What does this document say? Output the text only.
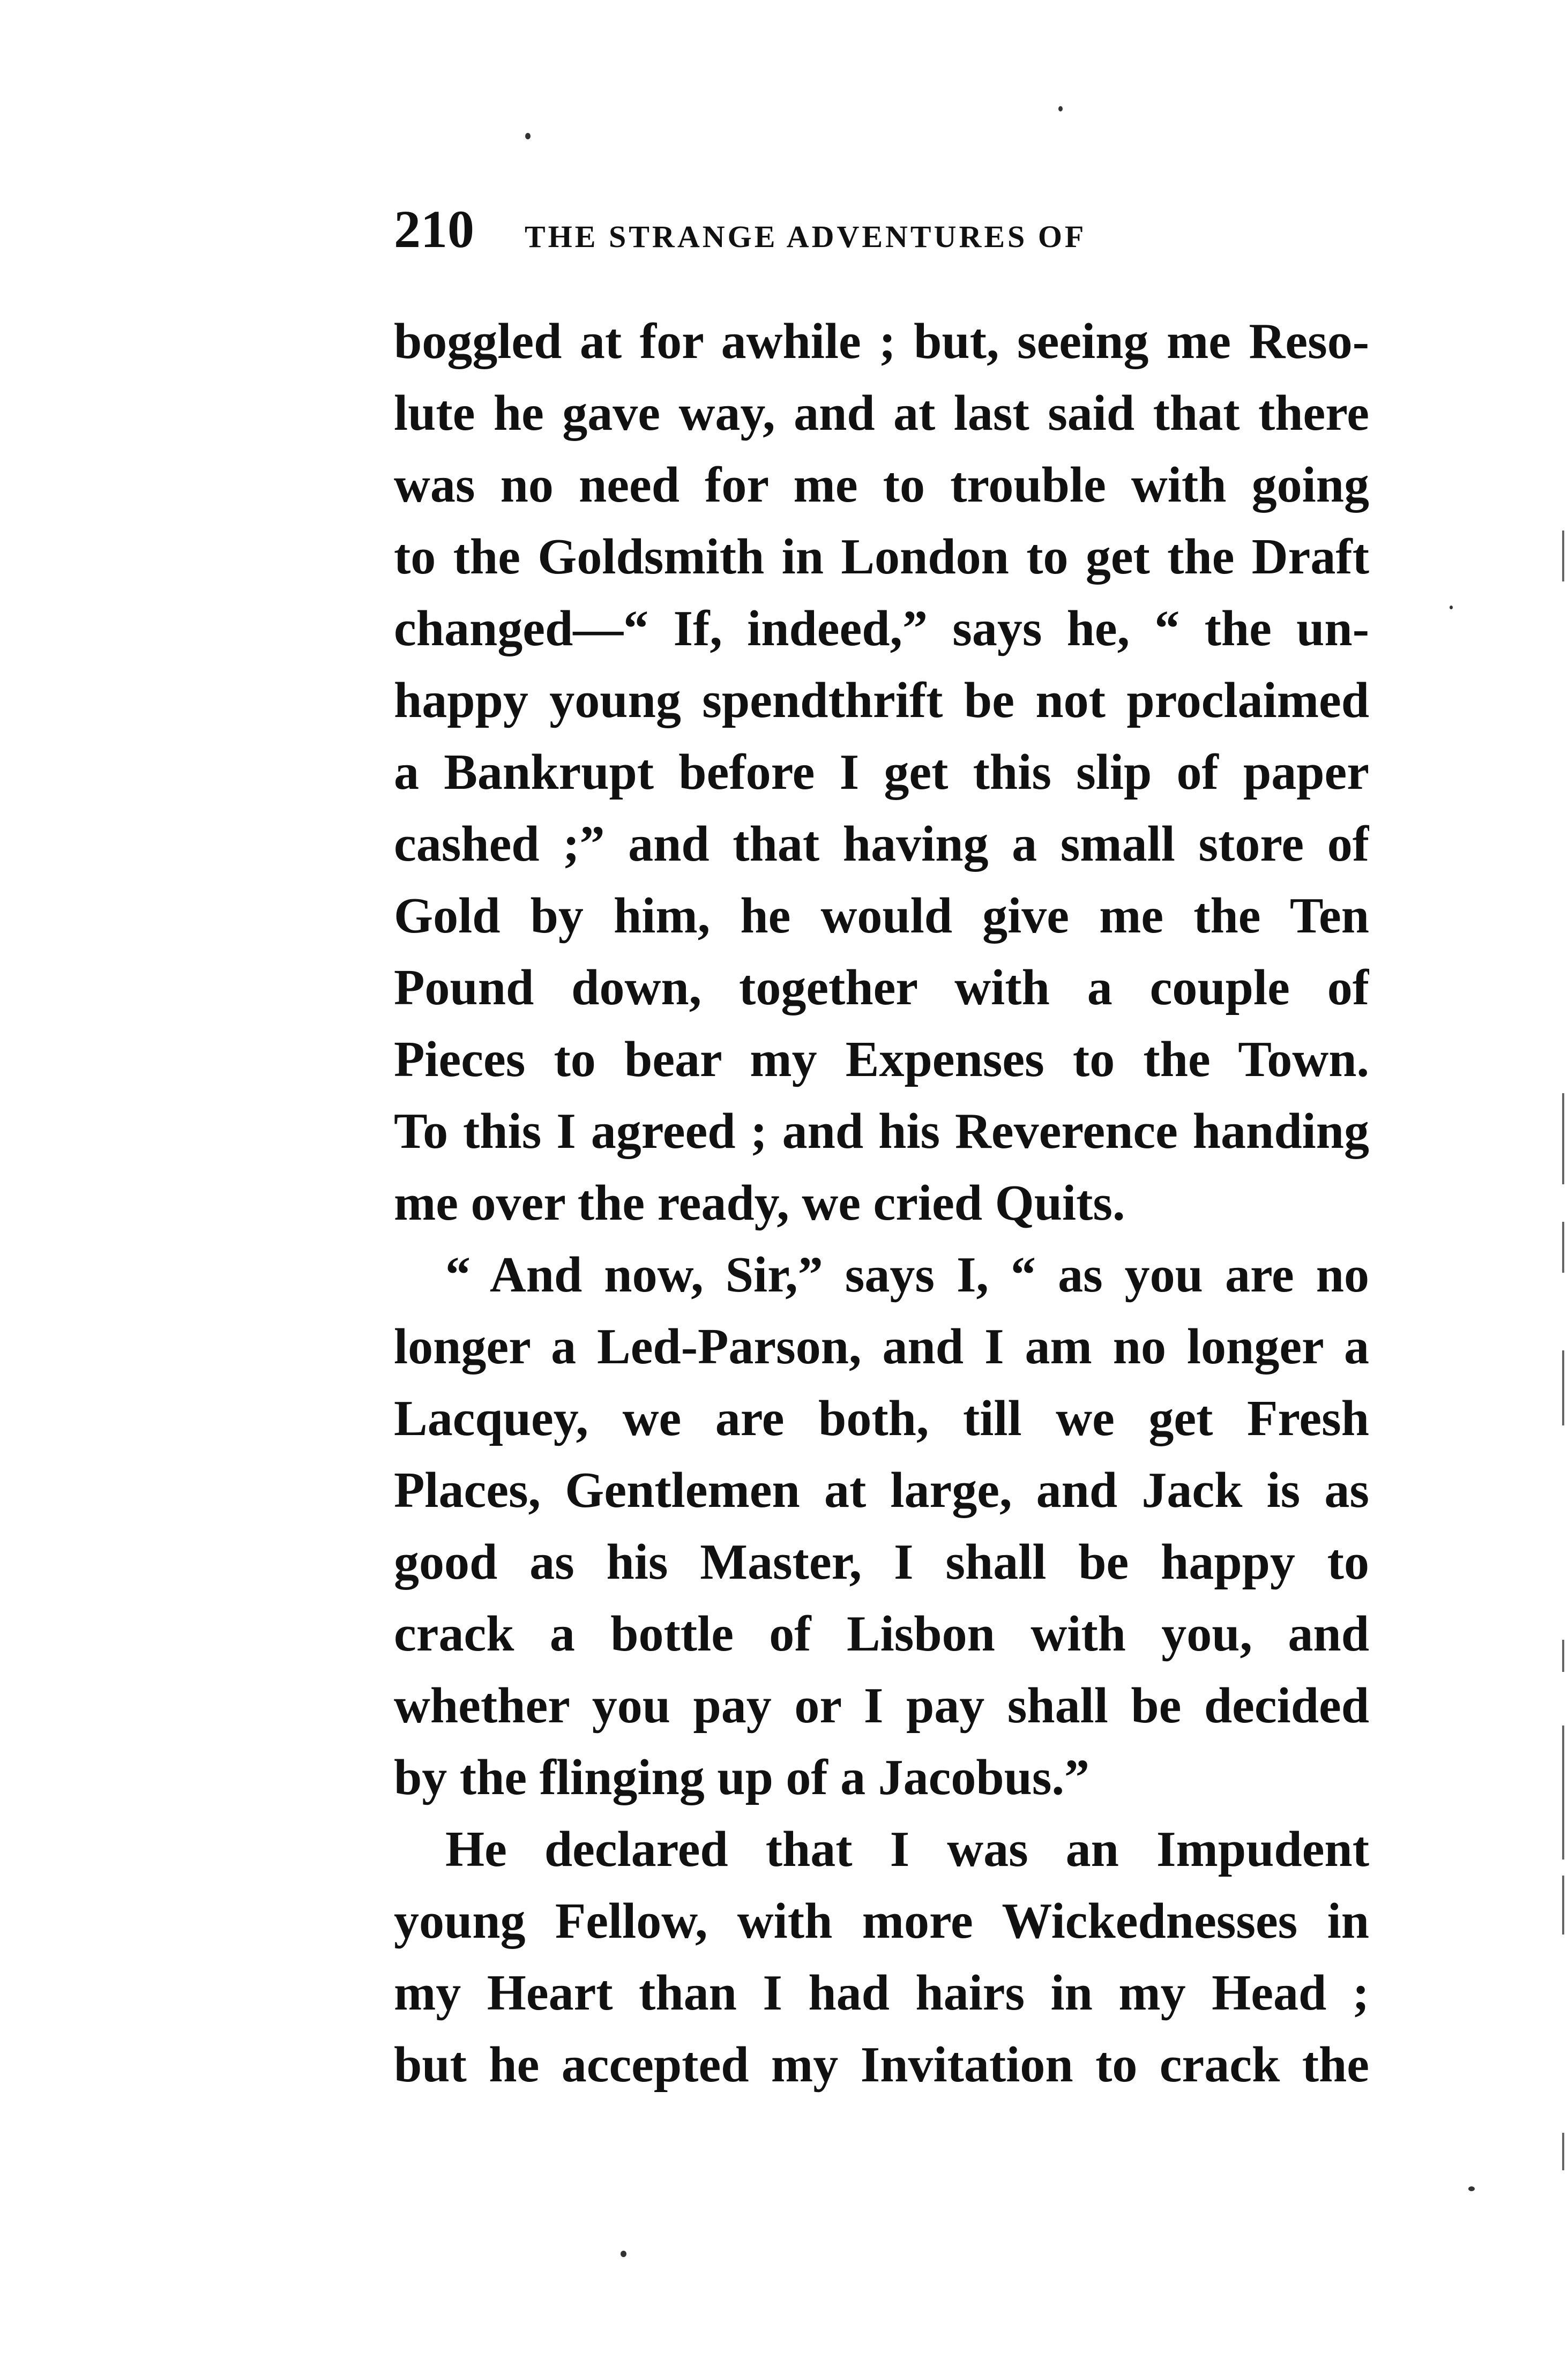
210 THE STRANGE ADVENTURES OF
boggled at for awhile ; but, seeing me Reso-
lute he gave way, and at last said that there
was no need for me to trouble with going
to the Goldsmith in London to get the Draft
changed—“ If, indeed,” says he, “ the un-
happy young spendthrift be not proclaimed
a Bankrupt before I get this slip of paper
cashed ;” and that having a small store of
Gold by him, he would give me the Ten
Pound down, together with a couple of
Pieces to bear my Expenses to the Town.
To this I agreed ; and his Reverence handing
me over the ready, we cried Quits.
“ And now, Sir,” says I, “ as you are no
longer a Led-Parson, and I am no longer a
Lacquey, we are both, till we get Fresh
Places, Gentlemen at large, and Jack is as
good as his Master, I shall be happy to
crack a bottle of Lisbon with you, and
whether you pay or I pay shall be decided
by the flinging up of a Jacobus.”
He declared that I was an Impudent
young Fellow, with more Wickednesses in
my Heart than I had hairs in my Head ;
but he accepted my Invitation to crack the
